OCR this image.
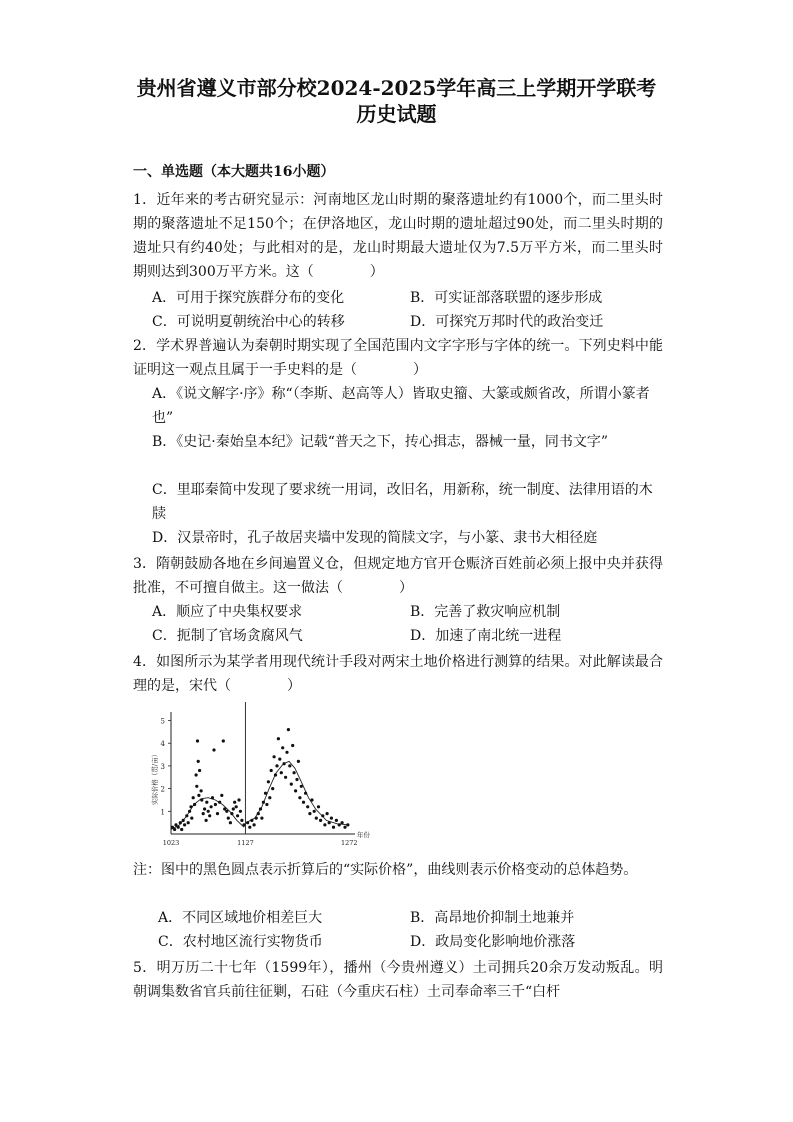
贵州省遵义市部分校2024-2025学年高三上学期开学联考
历史试题
一、单选题（本大题共16小题）
1．近年来的考古研究显示：河南地区龙山时期的聚落遗址约有1000个，而二里头时期的聚落遗址不足150个；在伊洛地区，龙山时期的遗址超过90处，而二里头时期的遗址只有约40处；与此相对的是，龙山时期最大遗址仅为7.5万平方米，而二里头时期则达到300万平方米。这（　　　　）
A．可用于探究族群分布的变化	B．可实证部落联盟的逐步形成
C．可说明夏朝统治中心的转移	D．可探究万邦时代的政治变迁
2．学术界普遍认为秦朝时期实现了全国范围内文字字形与字体的统一。下列史料中能证明这一观点且属于一手史料的是（　　　　）
A．《说文解字·序》称“（李斯、赵高等人）皆取史籀、大篆或颇省改，所谓小篆者也”
B．《史记·秦始皇本纪》记载“普天之下，抟心揖志，器械一量，同书文字”
C．里耶秦简中发现了要求统一用词，改旧名，用新称，统一制度、法律用语的木牍
D．汉景帝时，孔子故居夹墙中发现的简牍文字，与小篆、隶书大相径庭
3．隋朝鼓励各地在乡间遍置义仓，但规定地方官开仓赈济百姓前必须上报中央并获得批准，不可擅自做主。这一做法（　　　　）
A．顺应了中央集权要求	B．完善了救灾响应机制
C．扼制了官场贪腐风气	D．加速了南北统一进程
4．如图所示为某学者用现代统计手段对两宋土地价格进行测算的结果。对此解读最合理的是，宋代（　　　　）
1
2
3
4
5
1023	1127	1272
实际价格（贯/亩）
年份
注：图中的黑色圆点表示折算后的“实际价格”，曲线则表示价格变动的总体趋势。
A．不同区域地价相差巨大	B．高昂地价抑制土地兼并
C．农村地区流行实物货币	D．政局变化影响地价涨落
5．明万历二十七年（1599年），播州（今贵州遵义）土司拥兵20余万发动叛乱。明朝调集数省官兵前往征剿，石砫（今重庆石柱）土司奉命率三千“白杆
